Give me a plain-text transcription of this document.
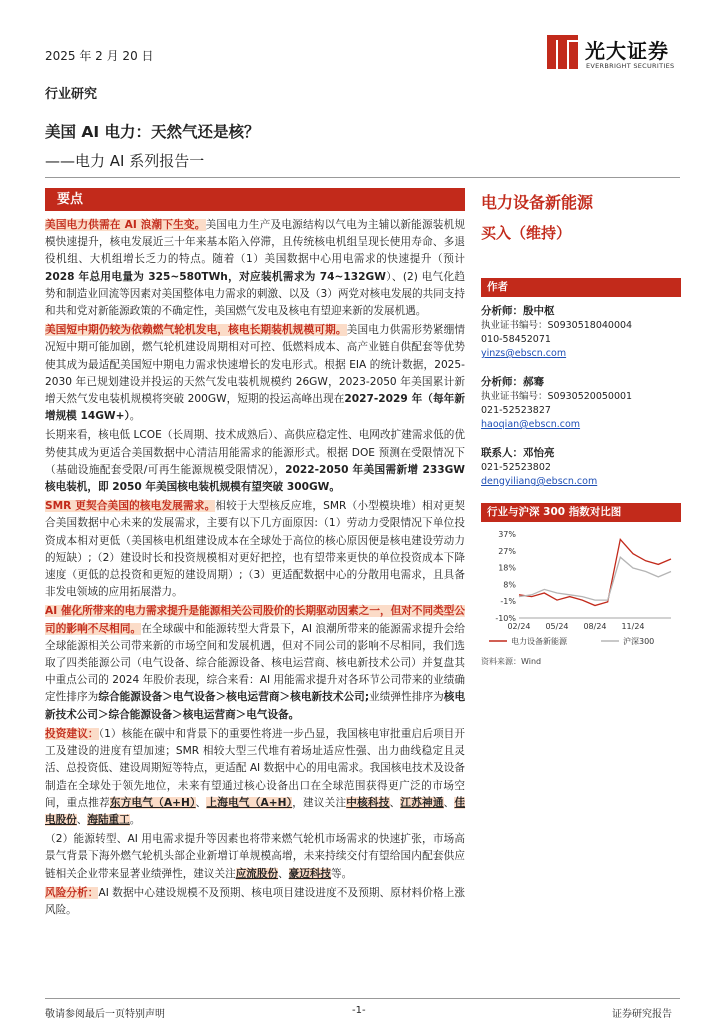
2025 年 2 月 20 日	光大证券
EVERBRIGHT SECURITIES
行业研究
美国 AI 电力：天然气还是核？
——电力 AI 系列报告一
要点

美国电力供需在 AI 浪潮下生变。美国电力生产及电源结构以气电为主辅以新能源装机规模快速提升，核电发展近三十年来基本陷入停滞，且传统核电机组呈现长使用寿命、多退役机组、大机组增长乏力的特点。随着（1）美国数据中心用电需求的快速提升（预计2028 年总用电量为 325~580TWh，对应装机需求为 74~132GW）、(2) 电气化趋势和制造业回流等因素对美国整体电力需求的刺激、以及（3）两党对核电发展的共同支持和共和党对新能源政策的不确定性，美国燃气发电及核电有望迎来新的发展机遇。

美国短中期仍较为依赖燃气轮机发电，核电长期装机规模可期。美国电力供需形势紧绷情况短中期可能加剧，燃气轮机建设周期相对可控、低燃料成本、高产业链自供配套等优势使其成为最适配美国短中期电力需求快速增长的发电形式。根据 EIA 的统计数据，2025-2030 年已规划建设并投运的天然气发电装机规模约 26GW，2023-2050 年美国累计新增天然气发电装机规模将突破 200GW，短期的投运高峰出现在2027-2029 年（每年新增规模 14GW+）。

长期来看，核电低 LCOE（长周期、技术成熟后）、高供应稳定性、电网改扩建需求低的优势使其成为更适合美国数据中心清洁用能需求的能源形式。根据 DOE 预测在受限情况下（基础设施配套受限/可再生能源规模受限情况），2022-2050 年美国需新增 233GW 核电装机，即 2050 年美国核电装机规模有望突破 300GW。

SMR 更契合美国的核电发展需求。相较于大型核反应堆，SMR（小型模块堆）相对更契合美国数据中心未来的发展需求，主要有以下几方面原因:（1）劳动力受限情况下单位投资成本相对更低（美国核电机组建设成本在全球处于高位的核心原因便是核电建设劳动力的短缺）;（2）建设时长和投资规模相对更好把控，也有望带来更快的单位投资成本下降速度（更低的总投资和更短的建设周期）;（3）更适配数据中心的分散用电需求，且具备非发电领域的应用拓展潜力。

AI 催化所带来的电力需求提升是能源相关公司股价的长期驱动因素之一，但对不同类型公司的影响不尽相同。在全球碳中和能源转型大背景下，AI 浪潮所带来的能源需求提升会给全球能源相关公司带来新的市场空间和发展机遇，但对不同公司的影响不尽相同，我们选取了四类能源公司（电气设备、综合能源设备、核电运营商、核电新技术公司）并复盘其中重点公司的 2024 年股价表现，综合来看：AI 用能需求提升对各环节公司带来的业绩确定性排序为综合能源设备＞电气设备＞核电运营商＞核电新技术公司;业绩弹性排序为核电新技术公司＞综合能源设备＞核电运营商＞电气设备。

投资建议：（1）核能在碳中和背景下的重要性将进一步凸显，我国核电审批重启后项目开工及建设的进度有望加速；SMR 相较大型三代堆有着场址适应性强、出力曲线稳定且灵活、总投资低、建设周期短等特点，更适配 AI 数据中心的用电需求。我国核电技术及设备制造在全球处于领先地位，未来有望通过核心设备出口在全球范围获得更广泛的市场空间，重点推荐东方电气（A+H）、上海电气（A+H），建议关注中核科技、江苏神通、佳电股份、海陆重工。

（2）能源转型、AI 用电需求提升等因素也将带来燃气轮机市场需求的快速扩张，市场高景气背景下海外燃气轮机头部企业新增订单规模高增，未来持续交付有望给国内配套供应链相关企业带来显著业绩弹性，建议关注应流股份、豪迈科技等。

风险分析：AI 数据中心建设规模不及预期、核电项目建设进度不及预期、原材料价格上涨风险。

电力设备新能源
买入（维持）
作者
分析师：殷中枢
执业证书编号：S0930518040004
010-58452071
yinzs@ebscn.com
分析师：郝骞
执业证书编号：S0930520050001
021-52523827
haoqian@ebscn.com
联系人：邓怡亮
021-52523802
dengyiliang@ebscn.com
行业与沪深 300 指数对比图
37%
27%
18%
8%
-1%
-10%
02/24 05/24 08/24 11/24
电力设备新能源	沪深300
资料来源：Wind
敬请参阅最后一页特别声明	-1-	证券研究报告
